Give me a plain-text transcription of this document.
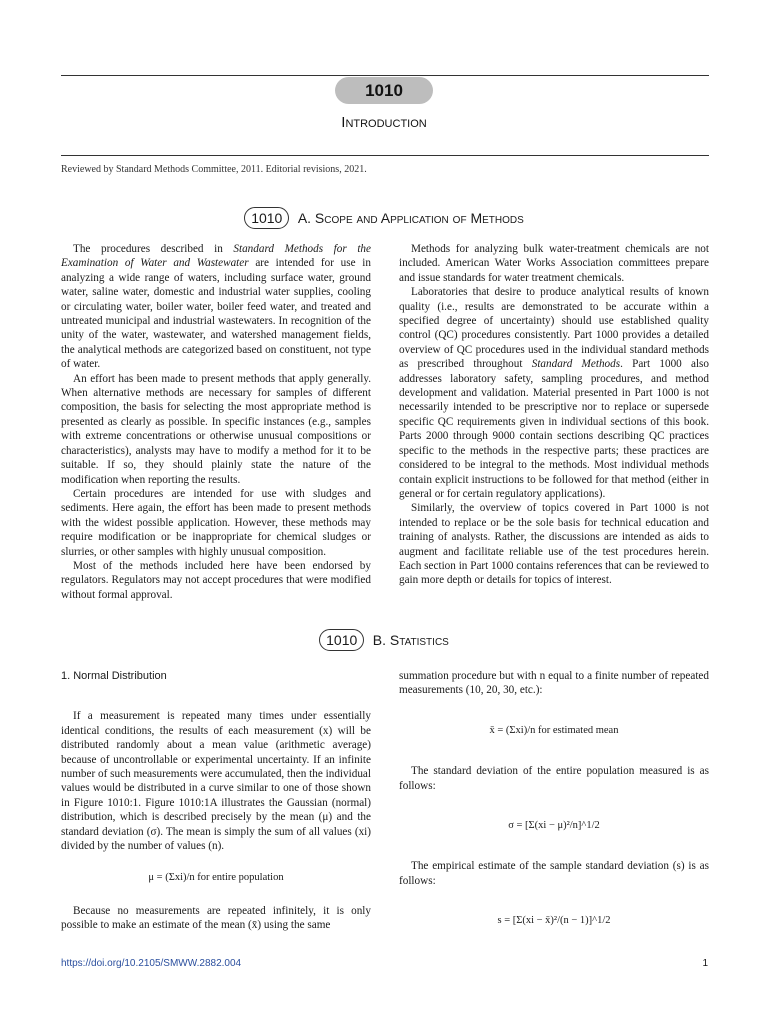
1010
Introduction
Reviewed by Standard Methods Committee, 2011. Editorial revisions, 2021.
1010 A. Scope and Application of Methods

The procedures described in Standard Methods for the Examination of Water and Wastewater are intended for use in analyzing a wide range of waters, including surface water, ground water, saline water, domestic and industrial water supplies, cooling or circulating water, boiler water, boiler feed water, and treated and untreated municipal and industrial wastewaters. In recognition of the unity of the water, wastewater, and watershed management fields, the analytical methods are categorized based on constituent, not type of water.

An effort has been made to present methods that apply generally. When alternative methods are necessary for samples of different composition, the basis for selecting the most appropriate method is presented as clearly as possible. In specific instances (e.g., samples with extreme concentrations or otherwise unusual compositions or characteristics), analysts may have to modify a method for it to be suitable. If so, they should plainly state the nature of the modification when reporting the results.

Certain procedures are intended for use with sludges and sediments. Here again, the effort has been made to present methods with the widest possible application. However, these methods may require modification or be inappropriate for chemical sludges or slurries, or other samples with highly unusual composition.

Most of the methods included here have been endorsed by regulators. Regulators may not accept procedures that were modified without formal approval.

Methods for analyzing bulk water-treatment chemicals are not included. American Water Works Association committees prepare and issue standards for water treatment chemicals.

Laboratories that desire to produce analytical results of known quality (i.e., results are demonstrated to be accurate within a specified degree of uncertainty) should use established quality control (QC) procedures consistently. Part 1000 provides a detailed overview of QC procedures used in the individual standard methods as prescribed throughout Standard Methods. Part 1000 also addresses laboratory safety, sampling procedures, and method development and validation. Material presented in Part 1000 is not necessarily intended to be prescriptive nor to replace or supersede specific QC requirements given in individual sections of this book. Parts 2000 through 9000 contain sections describing QC practices specific to the methods in the respective parts; these practices are considered to be integral to the methods. Most individual methods contain explicit instructions to be followed for that method (either in general or for certain regulatory applications).

Similarly, the overview of topics covered in Part 1000 is not intended to replace or be the sole basis for technical education and training of analysts. Rather, the discussions are intended as aids to augment and facilitate reliable use of the test procedures herein. Each section in Part 1000 contains references that can be reviewed to gain more depth or details for topics of interest.

1010 B. Statistics
1. Normal Distribution

If a measurement is repeated many times under essentially identical conditions, the results of each measurement (x) will be distributed randomly about a mean value (arithmetic average) because of uncontrollable or experimental uncertainty. If an infinite number of such measurements were accumulated, then the individual values would be distributed in a curve similar to one of those shown in Figure 1010:1. Figure 1010:1A illustrates the Gaussian (normal) distribution, which is described precisely by the mean (μ) and the standard deviation (σ). The mean is simply the sum of all values (xi) divided by the number of values (n).

μ = (Σxi)/n for entire population

Because no measurements are repeated infinitely, it is only possible to make an estimate of the mean (x̄) using the same

summation procedure but with n equal to a finite number of repeated measurements (10, 20, 30, etc.):

x̄ = (Σxi)/n for estimated mean

The standard deviation of the entire population measured is as follows:

σ = [Σ(xi − μ)²/n]^1/2

The empirical estimate of the sample standard deviation (s) is as follows:

s = [Σ(xi − x̄)²/(n − 1)]^1/2
https://doi.org/10.2105/SMWW.2882.004	1
